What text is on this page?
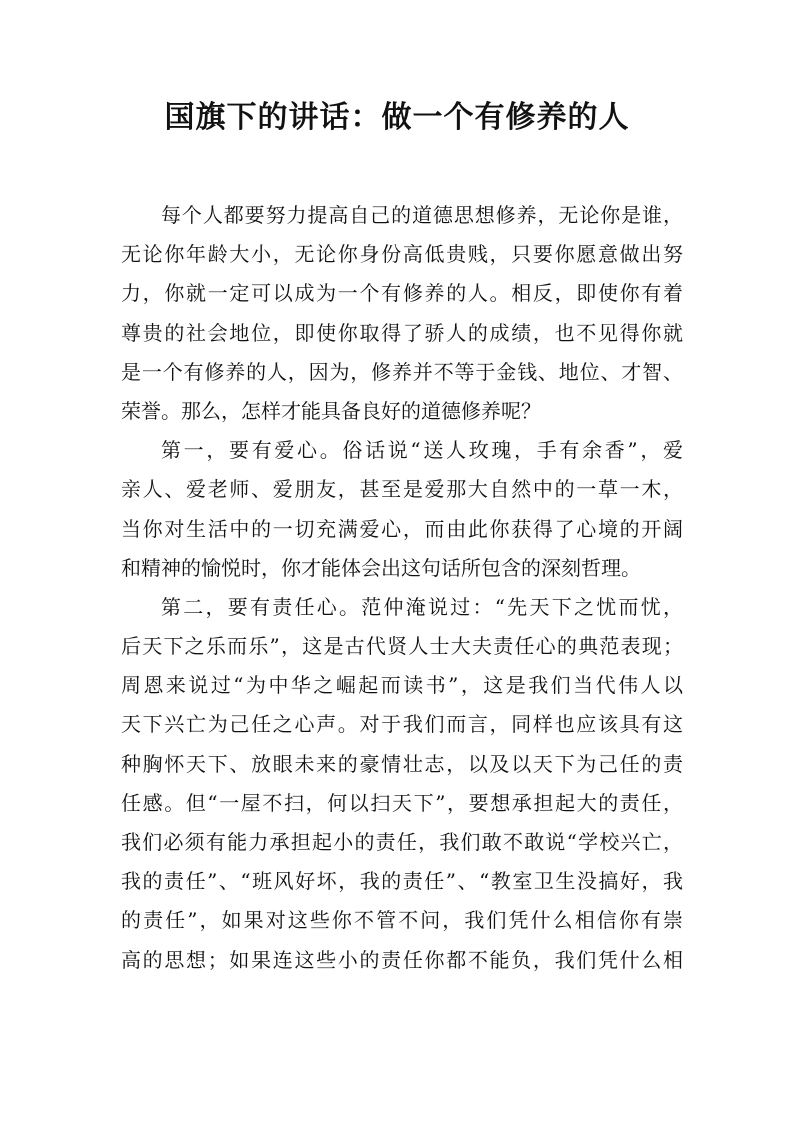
国旗下的讲话：做一个有修养的人
每个人都要努力提高自己的道德思想修养，无论你是谁，
无论你年龄大小，无论你身份高低贵贱，只要你愿意做出努
力，你就一定可以成为一个有修养的人。相反，即使你有着
尊贵的社会地位，即使你取得了骄人的成绩，也不见得你就
是一个有修养的人，因为，修养并不等于金钱、地位、才智、
荣誉。那么，怎样才能具备良好的道德修养呢？
第一，要有爱心。俗话说“送人玫瑰，手有余香”，爱
亲人、爱老师、爱朋友，甚至是爱那大自然中的一草一木，
当你对生活中的一切充满爱心，而由此你获得了心境的开阔
和精神的愉悦时，你才能体会出这句话所包含的深刻哲理。
第二，要有责任心。范仲淹说过：“先天下之忧而忧，
后天下之乐而乐”，这是古代贤人士大夫责任心的典范表现；
周恩来说过“为中华之崛起而读书”，这是我们当代伟人以
天下兴亡为己任之心声。对于我们而言，同样也应该具有这
种胸怀天下、放眼未来的豪情壮志，以及以天下为己任的责
任感。但“一屋不扫，何以扫天下”，要想承担起大的责任，
我们必须有能力承担起小的责任，我们敢不敢说“学校兴亡，
我的责任”、“班风好坏，我的责任”、“教室卫生没搞好，我
的责任”，如果对这些你不管不问，我们凭什么相信你有崇
高的思想；如果连这些小的责任你都不能负，我们凭什么相
